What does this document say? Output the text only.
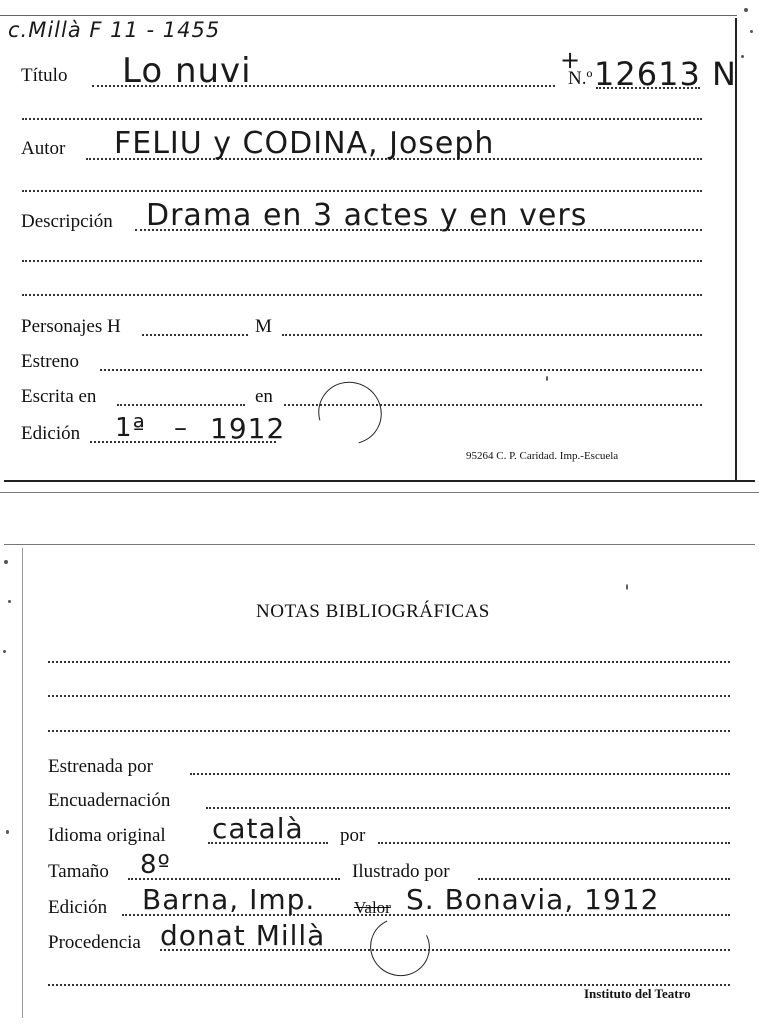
c.Millà F 11 - 1455
Título Lo nuvi	+
N.º 12613 N
Autor FELIU y CODINA, Joseph
Descripción Drama en 3 actes y en vers
Personajes H	M
Estreno
Escrita en	en
Edición 1ª – 1912
95264 C. P. Caridad. Imp.-Escuela
NOTAS BIBLIOGRÁFICAS
Estrenada por
Encuadernación
Idioma original català por
Tamaño 8º	Ilustrado por
Edición Barna, Imp. Valor S. Bonavia, 1912
Procedencia donat Millà
Instituto del Teatro
